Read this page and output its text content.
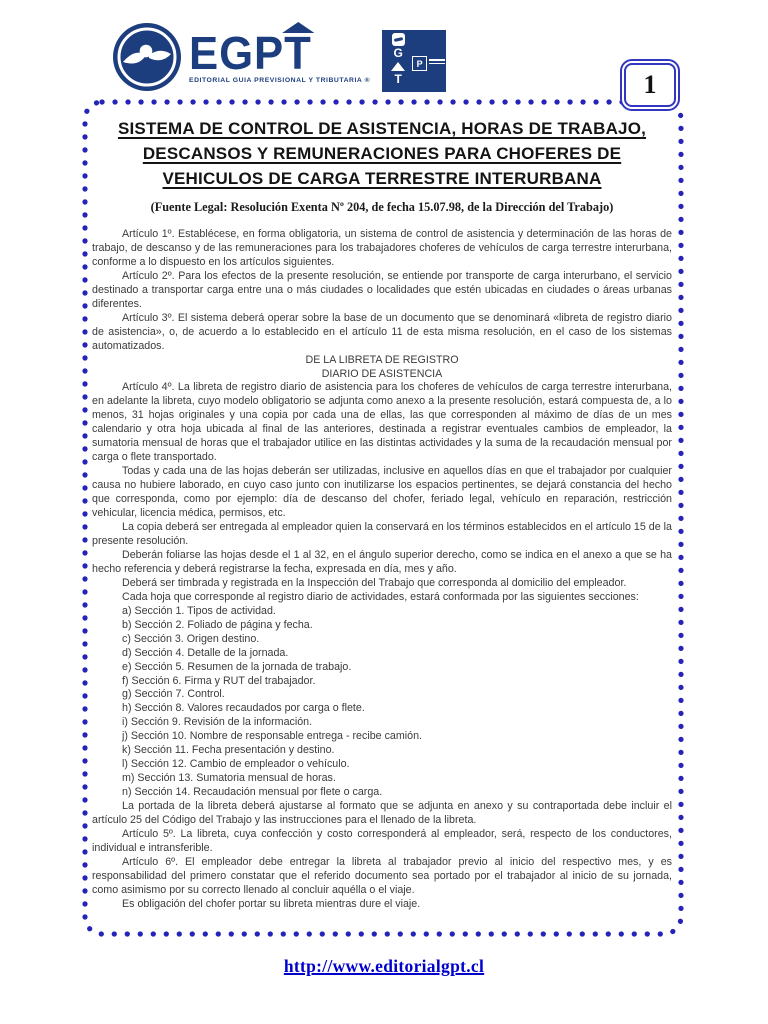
EGP T
EDITORIAL GUIA PREVISIONAL Y TRIBUTARIA ®
G
T
P
1
SISTEMA DE CONTROL DE ASISTENCIA, HORAS DE TRABAJO,
DESCANSOS Y REMUNERACIONES PARA CHOFERES DE
VEHICULOS DE CARGA TERRESTRE INTERURBANA
(Fuente Legal: Resolución Exenta Nº 204, de fecha 15.07.98, de la Dirección del Trabajo)
Artículo 1º. Establécese, en forma obligatoria, un sistema de control de asistencia y determinación de las horas de trabajo, de descanso y de las remuneraciones para los trabajadores choferes de vehículos de carga terrestre interurbana, conforme a lo dispuesto en los artículos siguientes.
Artículo 2º. Para los efectos de la presente resolución, se entiende por transporte de carga interurbano, el servicio destinado a transportar carga entre una o más ciudades o localidades que estén ubicadas en ciudades o áreas urbanas diferentes.
Artículo 3º. El sistema deberá operar sobre la base de un documento que se denominará «libreta de registro diario de asistencia», o, de acuerdo a lo establecido en el artículo 11 de esta misma resolución, en el caso de los sistemas automatizados.
DE LA LIBRETA DE REGISTRO
DIARIO DE ASISTENCIA
Artículo 4º. La libreta de registro diario de asistencia para los choferes de vehículos de carga terrestre interurbana, en adelante la libreta, cuyo modelo obligatorio se adjunta como anexo a la presente resolución, estará compuesta de, a lo menos, 31 hojas originales y una copia por cada una de ellas, las que corresponden al máximo de días de un mes calendario y otra hoja ubicada al final de las anteriores, destinada a registrar eventuales cambios de empleador, la sumatoria mensual de horas que el trabajador utilice en las distintas actividades y la suma de la recaudación mensual por carga o flete transportado.
Todas y cada una de las hojas deberán ser utilizadas, inclusive en aquellos días en que el trabajador por cualquier causa no hubiere laborado, en cuyo caso junto con inutilizarse los espacios pertinentes, se dejará constancia del hecho que corresponda, como por ejemplo: día de descanso del chofer, feriado legal, vehículo en reparación, restricción vehicular, licencia médica, permisos, etc.
La copia deberá ser entregada al empleador quien la conservará en los términos establecidos en el artículo 15 de la presente resolución.
Deberán foliarse las hojas desde el 1 al 32, en el ángulo superior derecho, como se indica en el anexo a que se ha hecho referencia y deberá registrarse la fecha, expresada en día, mes y año.
Deberá ser timbrada y registrada en la Inspección del Trabajo que corresponda al domicilio del empleador.
Cada hoja que corresponde al registro diario de actividades, estará conformada por las siguientes secciones:
a) Sección 1. Tipos de actividad.
b) Sección 2. Foliado de página y fecha.
c) Sección 3. Origen destino.
d) Sección 4. Detalle de la jornada.
e) Sección 5. Resumen de la jornada de trabajo.
f) Sección 6. Firma y RUT del trabajador.
g) Sección 7. Control.
h) Sección 8. Valores recaudados por carga o flete.
i) Sección 9. Revisión de la información.
j) Sección 10. Nombre de responsable entrega - recibe camión.
k) Sección 11. Fecha presentación y destino.
l) Sección 12. Cambio de empleador o vehículo.
m) Sección 13. Sumatoria mensual de horas.
n) Sección 14. Recaudación mensual por flete o carga.
La portada de la libreta deberá ajustarse al formato que se adjunta en anexo y su contraportada debe incluir el artículo 25 del Código del Trabajo y las instrucciones para el llenado de la libreta.
Artículo 5º. La libreta, cuya confección y costo corresponderá al empleador, será, respecto de los conductores, individual e intransferible.
Artículo 6º. El empleador debe entregar la libreta al trabajador previo al inicio del respectivo mes, y es responsabilidad del primero constatar que el referido documento sea portado por el trabajador al inicio de su jornada, como asimismo por su correcto llenado al concluir aquélla o el viaje.
Es obligación del chofer portar su libreta mientras dure el viaje.
http://www.editorialgpt.cl
